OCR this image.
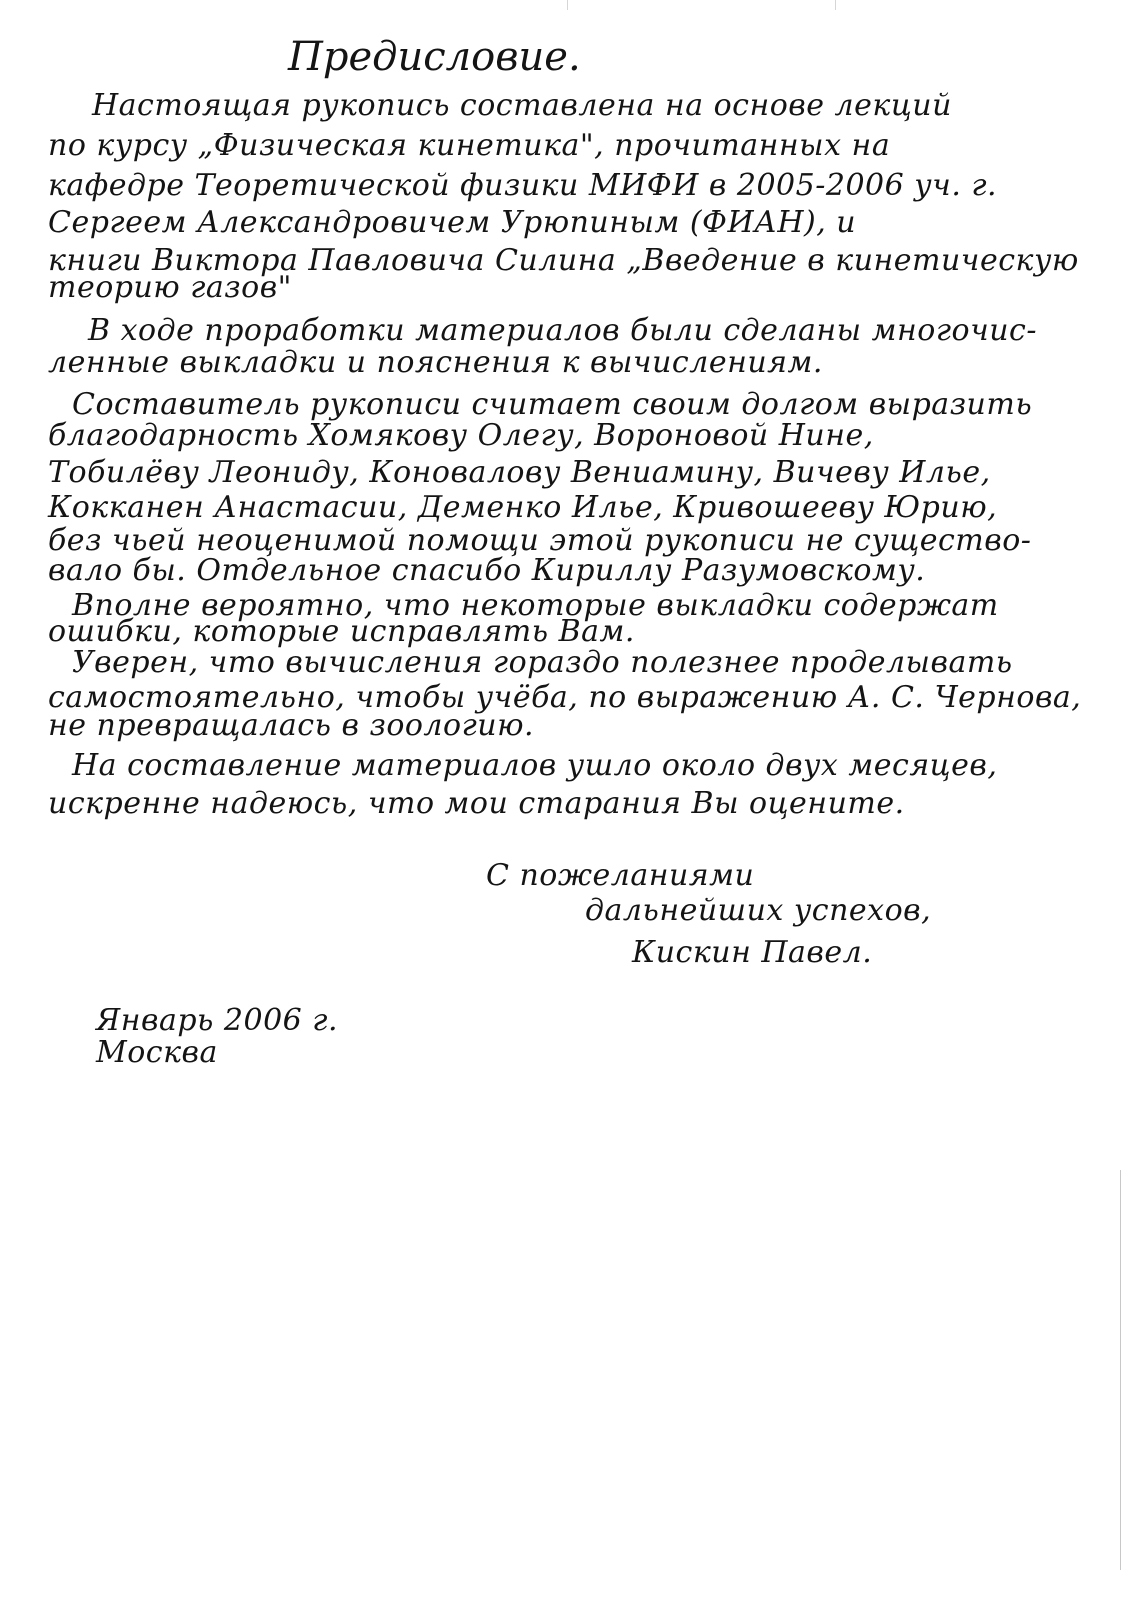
Предисловие.
Настоящая рукопись составлена на основе лекций
по курсу „Физическая кинетика", прочитанных на
кафедре Теоретической физики МИФИ в 2005-2006 уч. г.
Сергеем Александровичем Урюпиным (ФИАН), и
книги Виктора Павловича Силина „Введение в кинетическую
теорию газов"
В ходе проработки материалов были сделаны многочис-
ленные выкладки и пояснения к вычислениям.
Составитель рукописи считает своим долгом выразить
благодарность Хомякову Олегу, Вороновой Нине,
Тобилёву Леониду, Коновалову Вениамину, Вичеву Илье,
Кокканен Анастасии, Деменко Илье, Кривошееву Юрию,
без чьей неоценимой помощи этой рукописи не существо-
вало бы. Отдельное спасибо Кириллу Разумовскому.
Вполне вероятно, что некоторые выкладки содержат
ошибки, которые исправлять Вам.
Уверен, что вычисления гораздо полезнее проделывать
самостоятельно, чтобы учёба, по выражению А. С. Чернова,
не превращалась в зоологию.
На составление материалов ушло около двух месяцев,
искренне надеюсь, что мои старания Вы оцените.
С пожеланиями
дальнейших успехов,
Кискин Павел.
Январь 2006 г.
Москва
